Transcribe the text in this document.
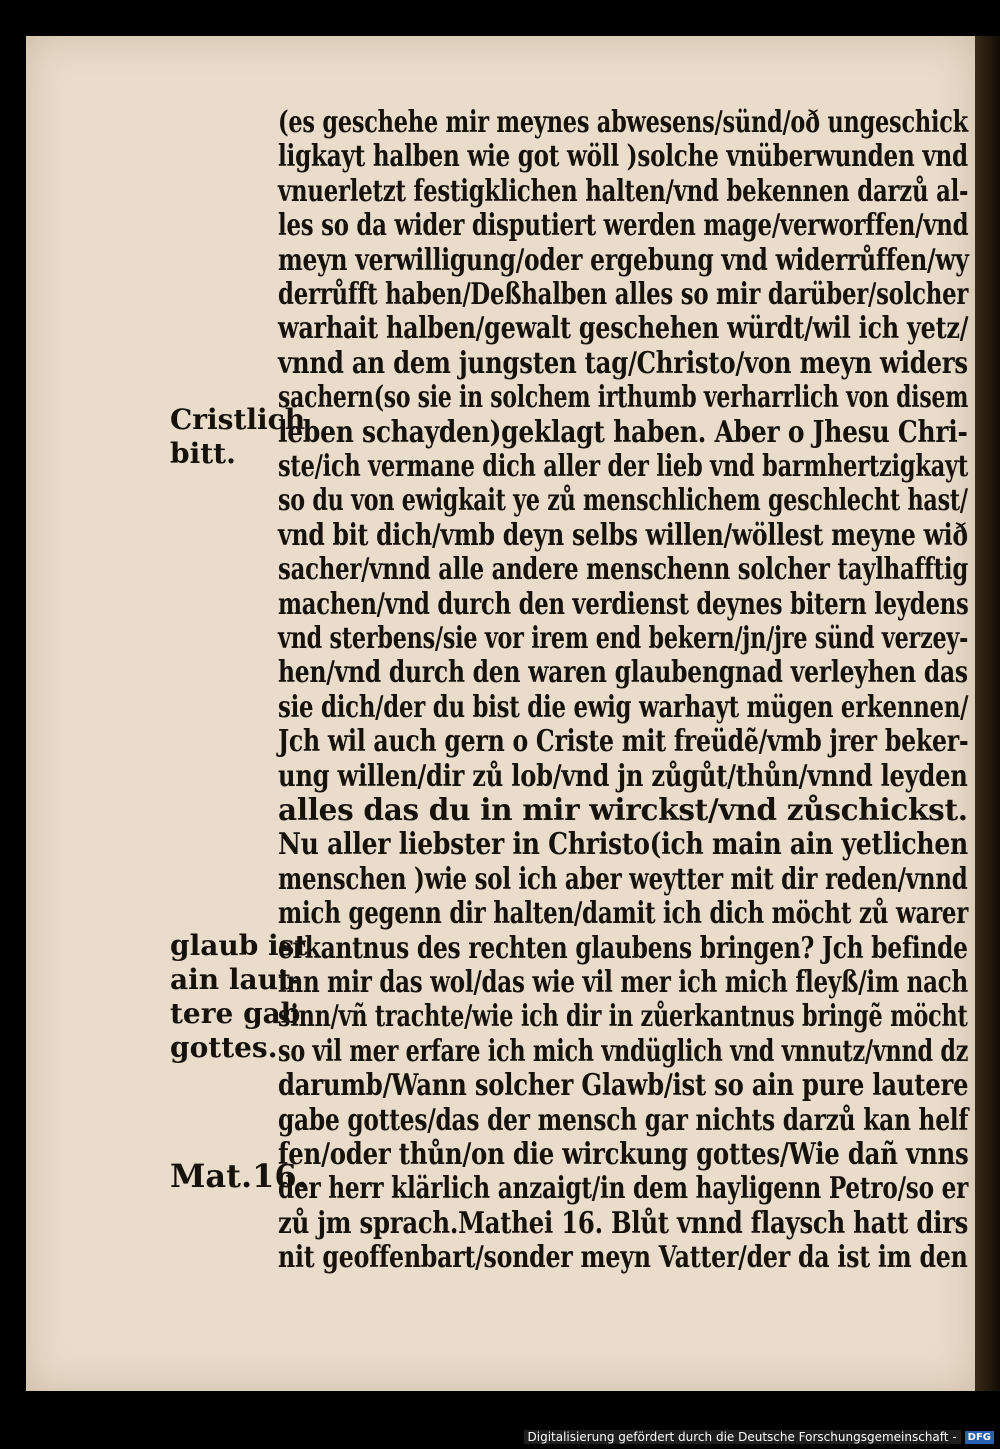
(es geschehe mir meynes abwesens/sünd/oð ungeschick
ligkayt halben wie got wöll )solche vnüberwunden vnd
vnuerletzt festigklichen halten/vnd bekennen darzů al-
les so da wider disputiert werden mage/verworffen/vnd
meyn verwilligung/oder ergebung vnd widerrůffen/wy
derrůfft haben/Deßhalben alles so mir darüber/solcher
warhait halben/gewalt geschehen würdt/wil ich yetz/
vnnd an dem jungsten tag/Christo/von meyn widers
sachern(so sie in solchem irthumb verharrlich von disem
leben schayden)geklagt haben. Aber o Jhesu Chri-
ste/ich vermane dich aller der lieb vnd barmhertzigkayt
so du von ewigkait ye zů menschlichem geschlecht hast/
vnd bit dich/vmb deyn selbs willen/wöllest meyne wið
sacher/vnnd alle andere menschenn solcher taylhafftig
machen/vnd durch den verdienst deynes bitern leydens
vnd sterbens/sie vor irem end bekern/jn/jre sünd verzey-
hen/vnd durch den waren glaubengnad verleyhen das
sie dich/der du bist die ewig warhayt mügen erkennen/
Jch wil auch gern o Criste mit freüdẽ/vmb jrer beker-
ung willen/dir zů lob/vnd jn zůgůt/thůn/vnnd leyden
alles das du in mir wirckst/vnd zůschickst.
Nu aller liebster in Christo(ich main ain yetlichen
menschen )wie sol ich aber weytter mit dir reden/vnnd
mich gegenn dir halten/damit ich dich möcht zů warer
erkantnus des rechten glaubens bringen? Jch befinde
inn mir das wol/das wie vil mer ich mich fleyß/im nach
sinn/vñ trachte/wie ich dir in zůerkantnus bringẽ möcht
so vil mer erfare ich mich vndüglich vnd vnnutz/vnnd dz
darumb/Wann solcher Glawb/ist so ain pure lautere
gabe gottes/das der mensch gar nichts darzů kan helf
fen/oder thůn/on die wirckung gottes/Wie dañ vnns
der herr klärlich anzaigt/in dem hayligenn Petro/so er
zů jm sprach.Mathei 16. Blůt vnnd flaysch hatt dirs
nit geoffenbart/sonder meyn Vatter/der da ist im den
Cristlich
bitt.
glaub ist
ain laut-
tere gab
gottes.
Mat.16.
Digitalisierung gefördert durch die Deutsche Forschungsgemeinschaft -	DFG
